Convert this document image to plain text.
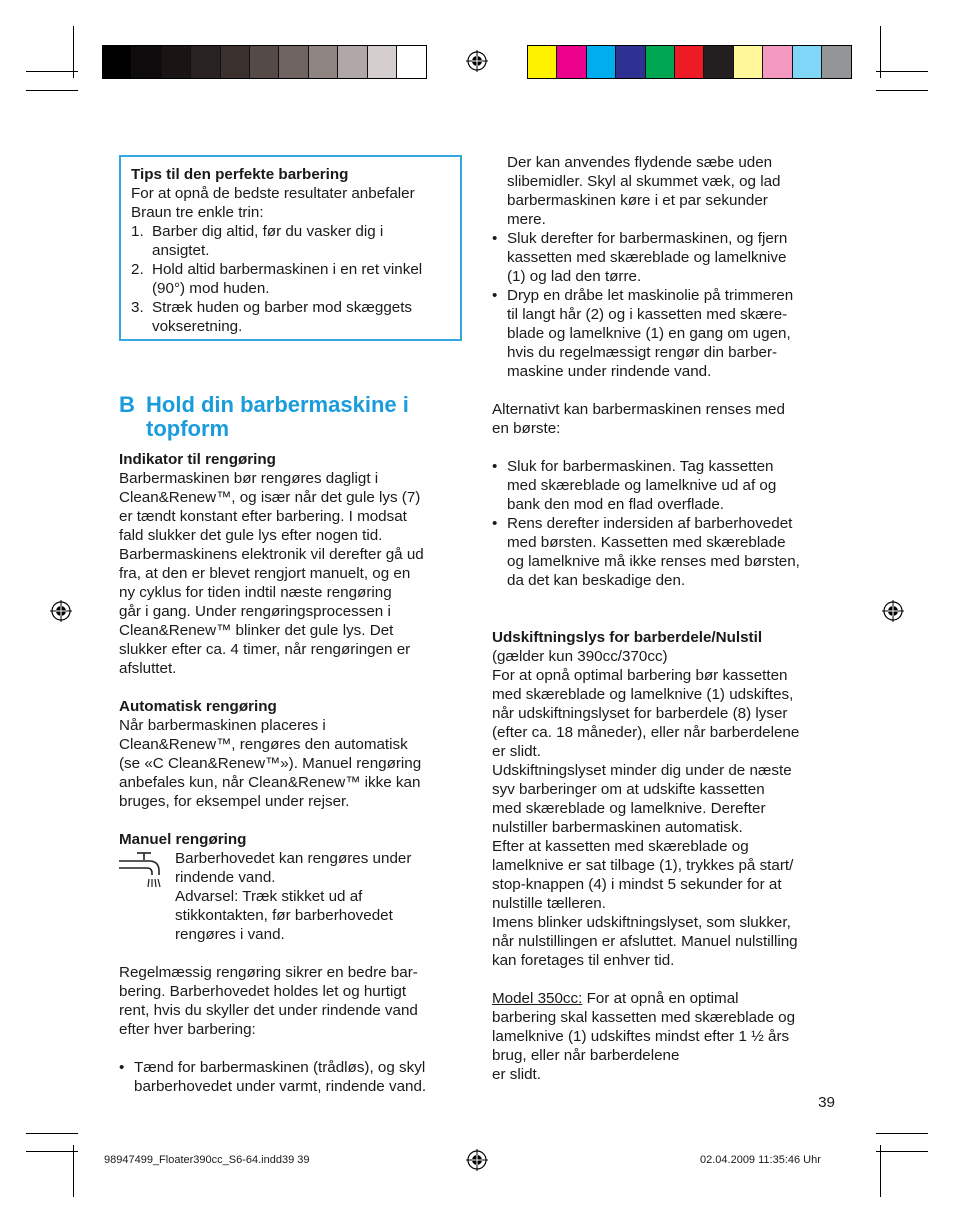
Tips til den perfekte barbering
For at opnå de bedste resultater anbefaler
Braun tre enkle trin:
1. Barber dig altid, før du vasker dig i
ansigtet.
2. Hold altid barbermaskinen i en ret vinkel
(90°) mod huden.
3. Stræk huden og barber mod skæggets
vokseretning.
B Hold din barbermaskine i
topform
Indikator til rengøring
Barbermaskinen bør rengøres dagligt i
Clean&Renew™, og især når det gule lys (7)
er tændt konstant efter barbering. I modsat
fald slukker det gule lys efter nogen tid.
Barbermaskinens elektronik vil derefter gå ud
fra, at den er blevet rengjort manuelt, og en
ny cyklus for tiden indtil næste rengøring
går i gang. Under rengøringsprocessen i
Clean&Renew™ blinker det gule lys. Det
slukker efter ca. 4 timer, når rengøringen er
afsluttet.
Automatisk rengøring
Når barbermaskinen placeres i
Clean&Renew™, rengøres den automatisk
(se «C Clean&Renew™»). Manuel rengøring
anbefales kun, når Clean&Renew™ ikke kan
bruges, for eksempel under rejser.
Manuel rengøring
Barberhovedet kan rengøres under
rindende vand.
Advarsel: Træk stikket ud af
stikkontakten, før barberhovedet
rengøres i vand.
Regelmæssig rengøring sikrer en bedre bar-
bering. Barberhovedet holdes let og hurtigt
rent, hvis du skyller det under rindende vand
efter hver barbering:
• Tænd for barbermaskinen (trådløs), og skyl
barberhovedet under varmt, rindende vand.
Der kan anvendes flydende sæbe uden
slibemidler. Skyl al skummet væk, og lad
barbermaskinen køre i et par sekunder
mere.
• Sluk derefter for barbermaskinen, og fjern
kassetten med skæreblade og lamelknive
(1) og lad den tørre.
• Dryp en dråbe let maskinolie på trimmeren
til langt hår (2) og i kassetten med skære-
blade og lamelknive (1) en gang om ugen,
hvis du regelmæssigt rengør din barber-
maskine under rindende vand.
Alternativt kan barbermaskinen renses med
en børste:
• Sluk for barbermaskinen. Tag kassetten
med skæreblade og lamelknive ud af og
bank den mod en flad overflade.
• Rens derefter indersiden af barberhovedet
med børsten. Kassetten med skæreblade
og lamelknive må ikke renses med børsten,
da det kan beskadige den.
Udskiftningslys for barberdele/Nulstil
(gælder kun 390cc/370cc)
For at opnå optimal barbering bør kassetten
med skæreblade og lamelknive (1) udskiftes,
når udskiftningslyset for barberdele (8) lyser
(efter ca. 18 måneder), eller når barberdelene
er slidt.
Udskiftningslyset minder dig under de næste
syv barberinger om at udskifte kassetten
med skæreblade og lamelknive. Derefter
nulstiller barbermaskinen automatisk.
Efter at kassetten med skæreblade og
lamelknive er sat tilbage (1), trykkes på start/
stop-knappen (4) i mindst 5 sekunder for at
nulstille tælleren.
Imens blinker udskiftningslyset, som slukker,
når nulstillingen er afsluttet. Manuel nulstilling
kan foretages til enhver tid.
Model 350cc: For at opnå en optimal
barbering skal kassetten med skæreblade og
lamelknive (1) udskiftes mindst efter 1 ½ års
brug, eller når barberdelene
er slidt.
39
98947499_Floater390cc_S6-64.indd39 39	02.04.2009 11:35:46 Uhr
